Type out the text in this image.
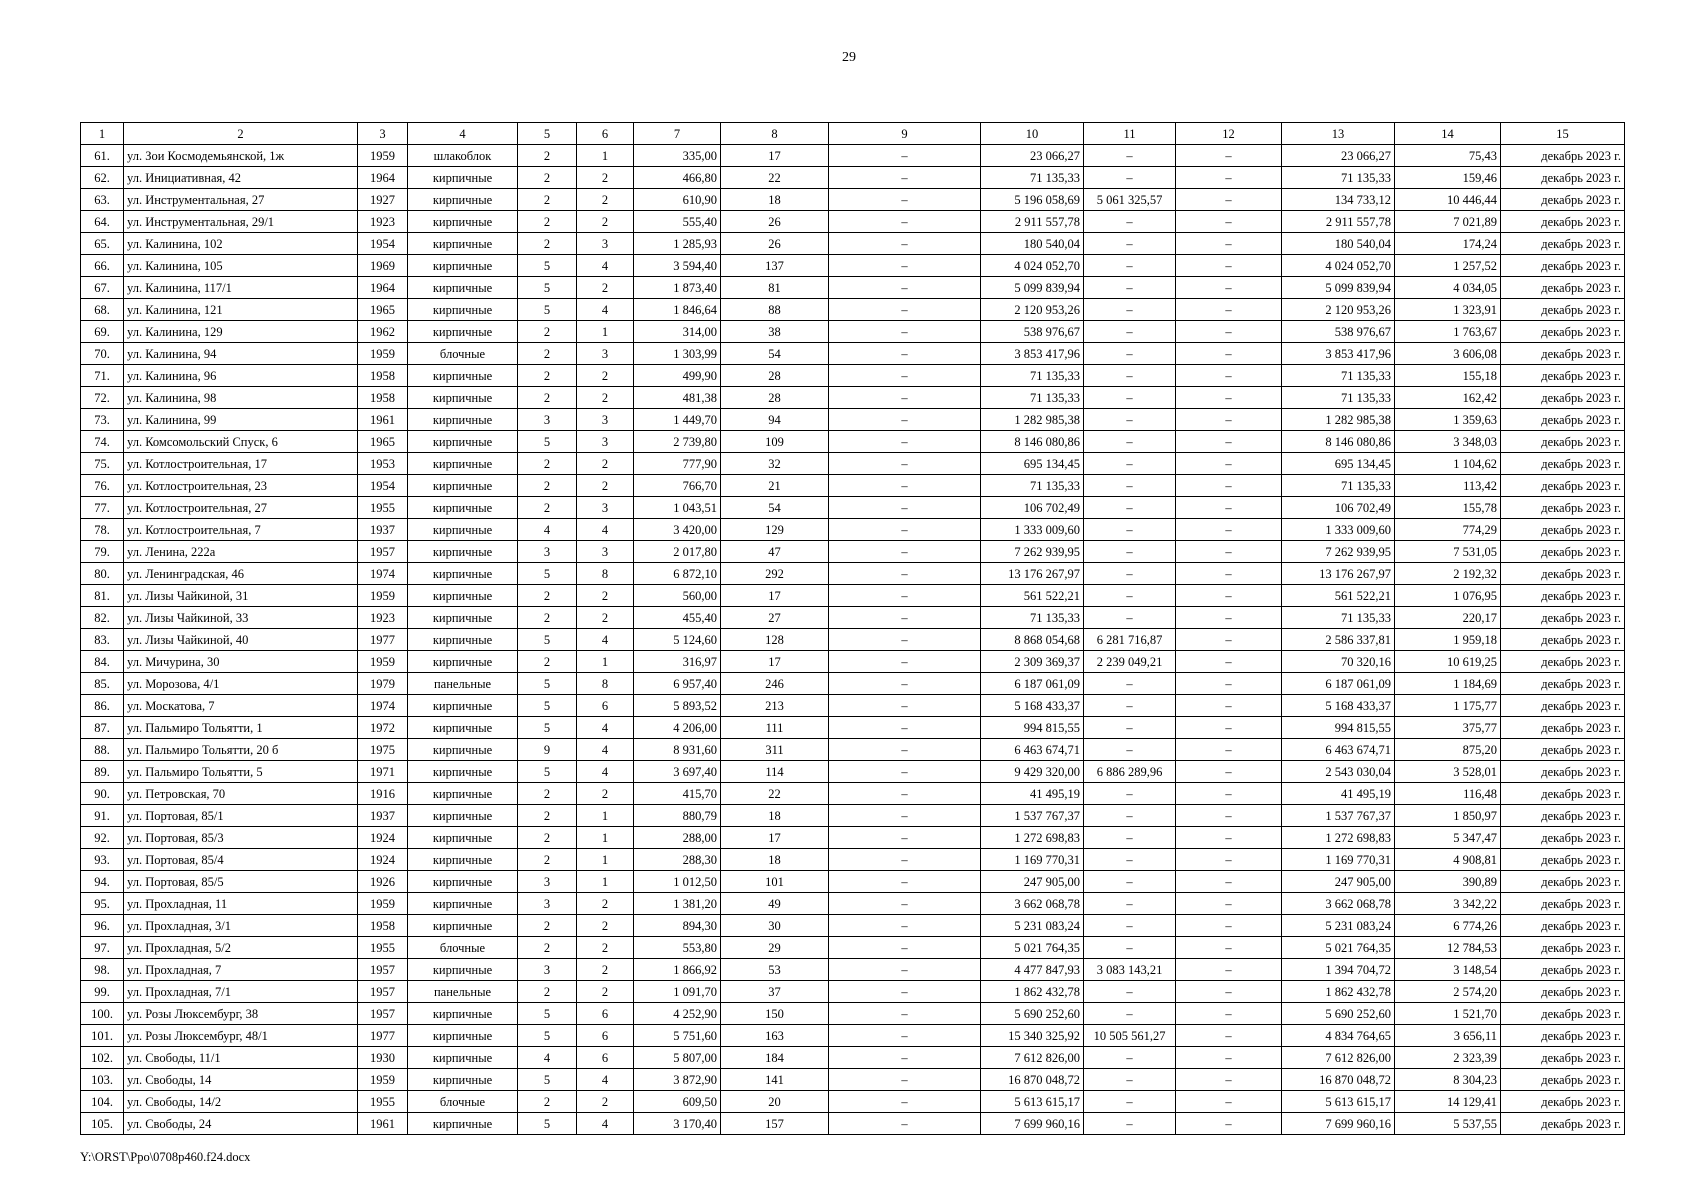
29
1	2	3	4	5	6	7	8	9	10	11	12	13	14	15
61.	ул. Зои Космодемьянской, 1ж	1959	шлакоблок	2	1	335,00	17	–	23 066,27	–	–	23 066,27	75,43	декабрь 2023 г.
62.	ул. Инициативная, 42	1964	кирпичные	2	2	466,80	22	–	71 135,33	–	–	71 135,33	159,46	декабрь 2023 г.
63.	ул. Инструментальная, 27	1927	кирпичные	2	2	610,90	18	–	5 196 058,69	5 061 325,57	–	134 733,12	10 446,44	декабрь 2023 г.
64.	ул. Инструментальная, 29/1	1923	кирпичные	2	2	555,40	26	–	2 911 557,78	–	–	2 911 557,78	7 021,89	декабрь 2023 г.
65.	ул. Калинина, 102	1954	кирпичные	2	3	1 285,93	26	–	180 540,04	–	–	180 540,04	174,24	декабрь 2023 г.
66.	ул. Калинина, 105	1969	кирпичные	5	4	3 594,40	137	–	4 024 052,70	–	–	4 024 052,70	1 257,52	декабрь 2023 г.
67.	ул. Калинина, 117/1	1964	кирпичные	5	2	1 873,40	81	–	5 099 839,94	–	–	5 099 839,94	4 034,05	декабрь 2023 г.
68.	ул. Калинина, 121	1965	кирпичные	5	4	1 846,64	88	–	2 120 953,26	–	–	2 120 953,26	1 323,91	декабрь 2023 г.
69.	ул. Калинина, 129	1962	кирпичные	2	1	314,00	38	–	538 976,67	–	–	538 976,67	1 763,67	декабрь 2023 г.
70.	ул. Калинина, 94	1959	блочные	2	3	1 303,99	54	–	3 853 417,96	–	–	3 853 417,96	3 606,08	декабрь 2023 г.
71.	ул. Калинина, 96	1958	кирпичные	2	2	499,90	28	–	71 135,33	–	–	71 135,33	155,18	декабрь 2023 г.
72.	ул. Калинина, 98	1958	кирпичные	2	2	481,38	28	–	71 135,33	–	–	71 135,33	162,42	декабрь 2023 г.
73.	ул. Калинина, 99	1961	кирпичные	3	3	1 449,70	94	–	1 282 985,38	–	–	1 282 985,38	1 359,63	декабрь 2023 г.
74.	ул. Комсомольский Спуск, 6	1965	кирпичные	5	3	2 739,80	109	–	8 146 080,86	–	–	8 146 080,86	3 348,03	декабрь 2023 г.
75.	ул. Котлостроительная, 17	1953	кирпичные	2	2	777,90	32	–	695 134,45	–	–	695 134,45	1 104,62	декабрь 2023 г.
76.	ул. Котлостроительная, 23	1954	кирпичные	2	2	766,70	21	–	71 135,33	–	–	71 135,33	113,42	декабрь 2023 г.
77.	ул. Котлостроительная, 27	1955	кирпичные	2	3	1 043,51	54	–	106 702,49	–	–	106 702,49	155,78	декабрь 2023 г.
78.	ул. Котлостроительная, 7	1937	кирпичные	4	4	3 420,00	129	–	1 333 009,60	–	–	1 333 009,60	774,29	декабрь 2023 г.
79.	ул. Ленина, 222а	1957	кирпичные	3	3	2 017,80	47	–	7 262 939,95	–	–	7 262 939,95	7 531,05	декабрь 2023 г.
80.	ул. Ленинградская, 46	1974	кирпичные	5	8	6 872,10	292	–	13 176 267,97	–	–	13 176 267,97	2 192,32	декабрь 2023 г.
81.	ул. Лизы Чайкиной, 31	1959	кирпичные	2	2	560,00	17	–	561 522,21	–	–	561 522,21	1 076,95	декабрь 2023 г.
82.	ул. Лизы Чайкиной, 33	1923	кирпичные	2	2	455,40	27	–	71 135,33	–	–	71 135,33	220,17	декабрь 2023 г.
83.	ул. Лизы Чайкиной, 40	1977	кирпичные	5	4	5 124,60	128	–	8 868 054,68	6 281 716,87	–	2 586 337,81	1 959,18	декабрь 2023 г.
84.	ул. Мичурина, 30	1959	кирпичные	2	1	316,97	17	–	2 309 369,37	2 239 049,21	–	70 320,16	10 619,25	декабрь 2023 г.
85.	ул. Морозова, 4/1	1979	панельные	5	8	6 957,40	246	–	6 187 061,09	–	–	6 187 061,09	1 184,69	декабрь 2023 г.
86.	ул. Москатова, 7	1974	кирпичные	5	6	5 893,52	213	–	5 168 433,37	–	–	5 168 433,37	1 175,77	декабрь 2023 г.
87.	ул. Пальмиро Тольятти, 1	1972	кирпичные	5	4	4 206,00	111	–	994 815,55	–	–	994 815,55	375,77	декабрь 2023 г.
88.	ул. Пальмиро Тольятти, 20 б	1975	кирпичные	9	4	8 931,60	311	–	6 463 674,71	–	–	6 463 674,71	875,20	декабрь 2023 г.
89.	ул. Пальмиро Тольятти, 5	1971	кирпичные	5	4	3 697,40	114	–	9 429 320,00	6 886 289,96	–	2 543 030,04	3 528,01	декабрь 2023 г.
90.	ул. Петровская, 70	1916	кирпичные	2	2	415,70	22	–	41 495,19	–	–	41 495,19	116,48	декабрь 2023 г.
91.	ул. Портовая, 85/1	1937	кирпичные	2	1	880,79	18	–	1 537 767,37	–	–	1 537 767,37	1 850,97	декабрь 2023 г.
92.	ул. Портовая, 85/3	1924	кирпичные	2	1	288,00	17	–	1 272 698,83	–	–	1 272 698,83	5 347,47	декабрь 2023 г.
93.	ул. Портовая, 85/4	1924	кирпичные	2	1	288,30	18	–	1 169 770,31	–	–	1 169 770,31	4 908,81	декабрь 2023 г.
94.	ул. Портовая, 85/5	1926	кирпичные	3	1	1 012,50	101	–	247 905,00	–	–	247 905,00	390,89	декабрь 2023 г.
95.	ул. Прохладная, 11	1959	кирпичные	3	2	1 381,20	49	–	3 662 068,78	–	–	3 662 068,78	3 342,22	декабрь 2023 г.
96.	ул. Прохладная, 3/1	1958	кирпичные	2	2	894,30	30	–	5 231 083,24	–	–	5 231 083,24	6 774,26	декабрь 2023 г.
97.	ул. Прохладная, 5/2	1955	блочные	2	2	553,80	29	–	5 021 764,35	–	–	5 021 764,35	12 784,53	декабрь 2023 г.
98.	ул. Прохладная, 7	1957	кирпичные	3	2	1 866,92	53	–	4 477 847,93	3 083 143,21	–	1 394 704,72	3 148,54	декабрь 2023 г.
99.	ул. Прохладная, 7/1	1957	панельные	2	2	1 091,70	37	–	1 862 432,78	–	–	1 862 432,78	2 574,20	декабрь 2023 г.
100.	ул. Розы Люксембург, 38	1957	кирпичные	5	6	4 252,90	150	–	5 690 252,60	–	–	5 690 252,60	1 521,70	декабрь 2023 г.
101.	ул. Розы Люксембург, 48/1	1977	кирпичные	5	6	5 751,60	163	–	15 340 325,92	10 505 561,27	–	4 834 764,65	3 656,11	декабрь 2023 г.
102.	ул. Свободы, 11/1	1930	кирпичные	4	6	5 807,00	184	–	7 612 826,00	–	–	7 612 826,00	2 323,39	декабрь 2023 г.
103.	ул. Свободы, 14	1959	кирпичные	5	4	3 872,90	141	–	16 870 048,72	–	–	16 870 048,72	8 304,23	декабрь 2023 г.
104.	ул. Свободы, 14/2	1955	блочные	2	2	609,50	20	–	5 613 615,17	–	–	5 613 615,17	14 129,41	декабрь 2023 г.
105.	ул. Свободы, 24	1961	кирпичные	5	4	3 170,40	157	–	7 699 960,16	–	–	7 699 960,16	5 537,55	декабрь 2023 г.
Y:\ORST\Ppo\0708p460.f24.docx
